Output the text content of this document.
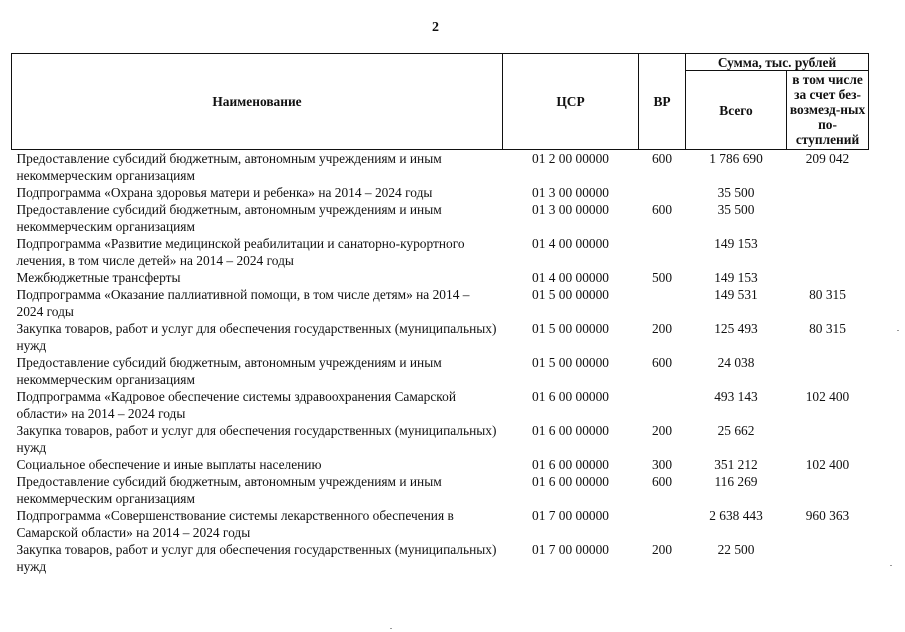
2
Наименование	ЦСР	ВР	Сумма, тыс. рублей	
			Всего	в том числе за счет без-возмезд-ных по-ступлений
Предоставление субсидий бюджетным, автономным учреждениям и иным некоммерческим организациям	01 2 00 00000	600	1 786 690	209 042
Подпрограмма «Охрана здоровья матери и ребенка» на 2014 – 2024 годы	01 3 00 00000		35 500	
Предоставление субсидий бюджетным, автономным учреждениям и иным некоммерческим организациям	01 3 00 00000	600	35 500	
Подпрограмма «Развитие медицинской реабилитации и санаторно-курортного лечения, в том числе детей» на 2014 – 2024 годы	01 4 00 00000		149 153	
Межбюджетные трансферты	01 4 00 00000	500	149 153	
Подпрограмма «Оказание паллиативной помощи, в том числе детям» на 2014 – 2024 годы	01 5 00 00000		149 531	80 315
Закупка товаров, работ и услуг для обеспечения государственных (муниципальных) нужд	01 5 00 00000	200	125 493	80 315
Предоставление субсидий бюджетным, автономным учреждениям и иным некоммерческим организациям	01 5 00 00000	600	24 038	
Подпрограмма «Кадровое обеспечение системы здравоохранения Самарской области» на 2014 – 2024 годы	01 6 00 00000		493 143	102 400
Закупка товаров, работ и услуг для обеспечения государственных (муниципальных) нужд	01 6 00 00000	200	25 662	
Социальное обеспечение и иные выплаты населению	01 6 00 00000	300	351 212	102 400
Предоставление субсидий бюджетным, автономным учреждениям и иным некоммерческим организациям	01 6 00 00000	600	116 269	
Подпрограмма «Совершенствование системы лекарственного обеспечения в Самарской области» на 2014 – 2024 годы	01 7 00 00000		2 638 443	960 363
Закупка товаров, работ и услуг для обеспечения государственных (муниципальных) нужд	01 7 00 00000	200	22 500	
